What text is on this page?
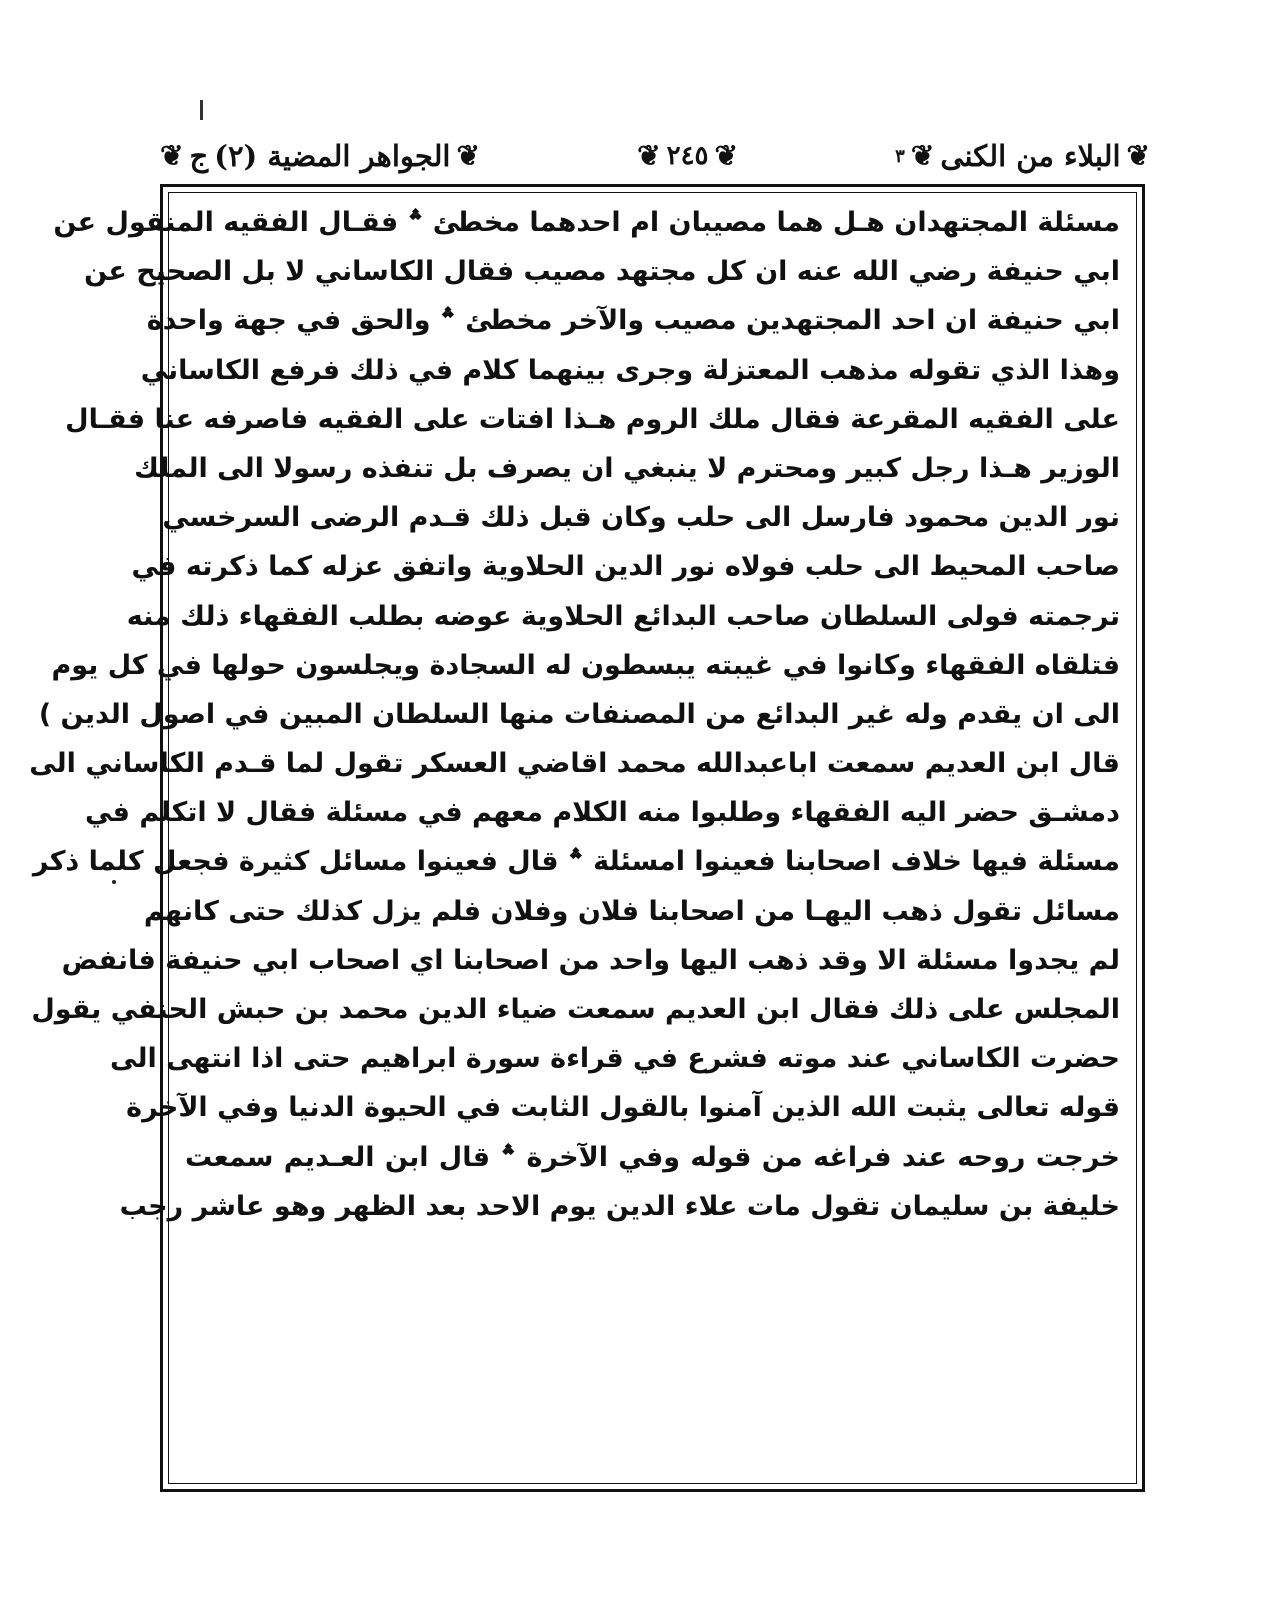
❦
البلاء من الكنى
❦
٣
❦
٢٤٥
❦
❦
الجواهر المضية (٢)
ج
❦
مسئلة المجتهدان هـل هما مصيبان ام احدهما مخطئ ؞ فقـال الفقيه المنقول عن
ابي حنيفة رضي الله عنه ان كل مجتهد مصيب فقال الكاساني لا بل الصحيح عن
ابي حنيفة ان احد المجتهدين مصيب والآخر مخطئ ؞ والحق في جهة واحدة
وهذا الذي تقوله مذهب المعتزلة وجرى بينهما كلام في ذلك فرفع الكاساني
على الفقيه المقرعة فقال ملك الروم هـذا افتات على الفقيه فاصرفه عنا فقـال
الوزير هـذا رجل كبير ومحترم لا ينبغي ان يصرف بل تنفذه رسولا الى الملك
نور الدين محمود فارسل الى حلب وكان قبل ذلك قـدم الرضى السرخسي
صاحب المحيط الى حلب فولاه نور الدين الحلاوية واتفق عزله كما ذكرته في
ترجمته فولى السلطان صاحب البدائع الحلاوية عوضه بطلب الفقهاء ذلك منه
فتلقاه الفقهاء وكانوا في غيبته يبسطون له السجادة ويجلسون حولها في كل يوم
الى ان يقدم وله غير البدائع من المصنفات منها السلطان المبين في اصول الدين )
قال ابن العديم سمعت اباعبدالله محمد اقاضي العسكر تقول لما قـدم الكاساني الى
دمشـق حضر اليه الفقهاء وطلبوا منه الكلام معهم في مسئلة فقال لا اتكلم في
مسئلة فيها خلاف اصحابنا فعينوا امسئلة ؞ قال فعينوا مسائل كثيرة فجعل كلما ذكر
مسائل تقول ذهب اليهـا من اصحابنا فلان وفلان فلم يزل كذلك حتى كانهم
لم يجدوا مسئلة الا وقد ذهب اليها واحد من اصحابنا اي اصحاب ابي حنيفة فانفض
المجلس على ذلك فقال ابن العديم سمعت ضياء الدين محمد بن حبش الحنفي يقول
حضرت الكاساني عند موته فشرع في قراءة سورة ابراهيم حتى اذا انتهى الى
قوله تعالى يثبت الله الذين آمنوا بالقول الثابت في الحيوة الدنيا وفي الآخرة
خرجت روحه عند فراغه من قوله وفي الآخرة ؞ قال ابن العـديم سمعت
خليفة بن سليمان تقول مات علاء الدين يوم الاحد بعد الظهر وهو عاشر رجب
